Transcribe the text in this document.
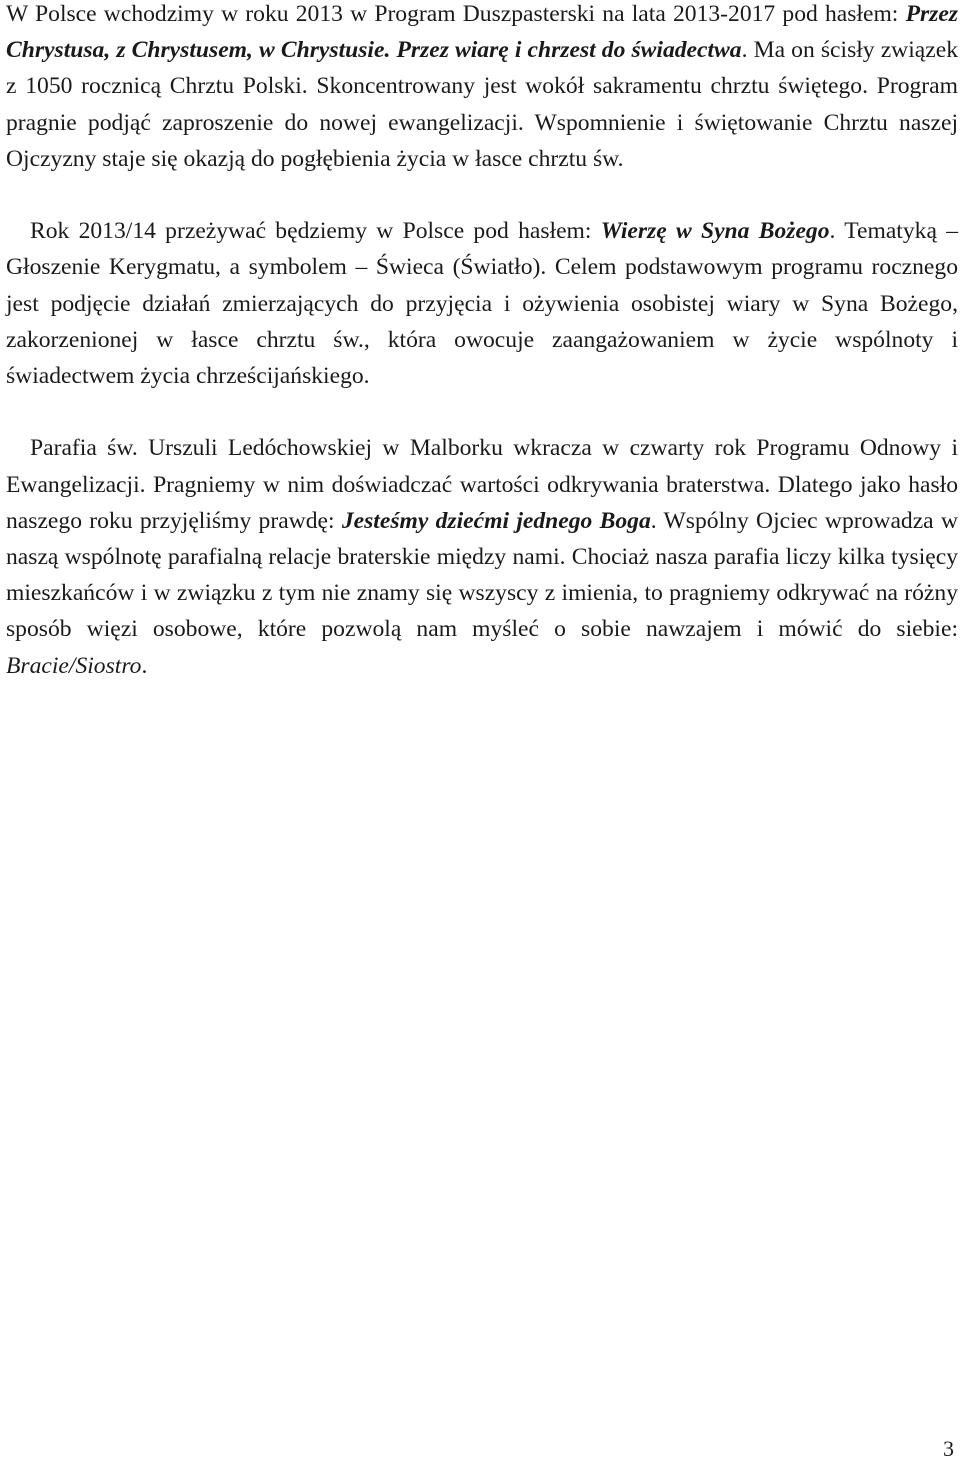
W Polsce wchodzimy w roku 2013 w Program Duszpasterski na lata 2013-2017 pod hasłem: Przez Chrystusa, z Chrystusem, w Chrystusie. Przez wiarę i chrzest do świadectwa. Ma on ścisły związek z 1050 rocznicą Chrztu Polski. Skoncentrowany jest wokół sakramentu chrztu świętego. Program pragnie podjąć zaproszenie do nowej ewangelizacji. Wspomnienie i świętowanie Chrztu naszej Ojczyzny staje się okazją do pogłębienia życia w łasce chrztu św.

Rok 2013/14 przeżywać będziemy w Polsce pod hasłem: Wierzę w Syna Bożego. Tematyką – Głoszenie Kerygmatu, a symbolem – Świeca (Światło). Celem podstawowym programu rocznego jest podjęcie działań zmierzających do przyjęcia i ożywienia osobistej wiary w Syna Bożego, zakorzenionej w łasce chrztu św., która owocuje zaangażowaniem w życie wspólnoty i świadectwem życia chrześcijańskiego.

Parafia św. Urszuli Ledóchowskiej w Malborku wkracza w czwarty rok Programu Odnowy i Ewangelizacji. Pragniemy w nim doświadczać wartości odkrywania braterstwa. Dlatego jako hasło naszego roku przyjęliśmy prawdę: Jesteśmy dziećmi jednego Boga. Wspólny Ojciec wprowadza w naszą wspólnotę parafialną relacje braterskie między nami. Chociaż nasza parafia liczy kilka tysięcy mieszkańców i w związku z tym nie znamy się wszyscy z imienia, to pragniemy odkrywać na różny sposób więzi osobowe, które pozwolą nam myśleć o sobie nawzajem i mówić do siebie: Bracie/Siostro.

3
